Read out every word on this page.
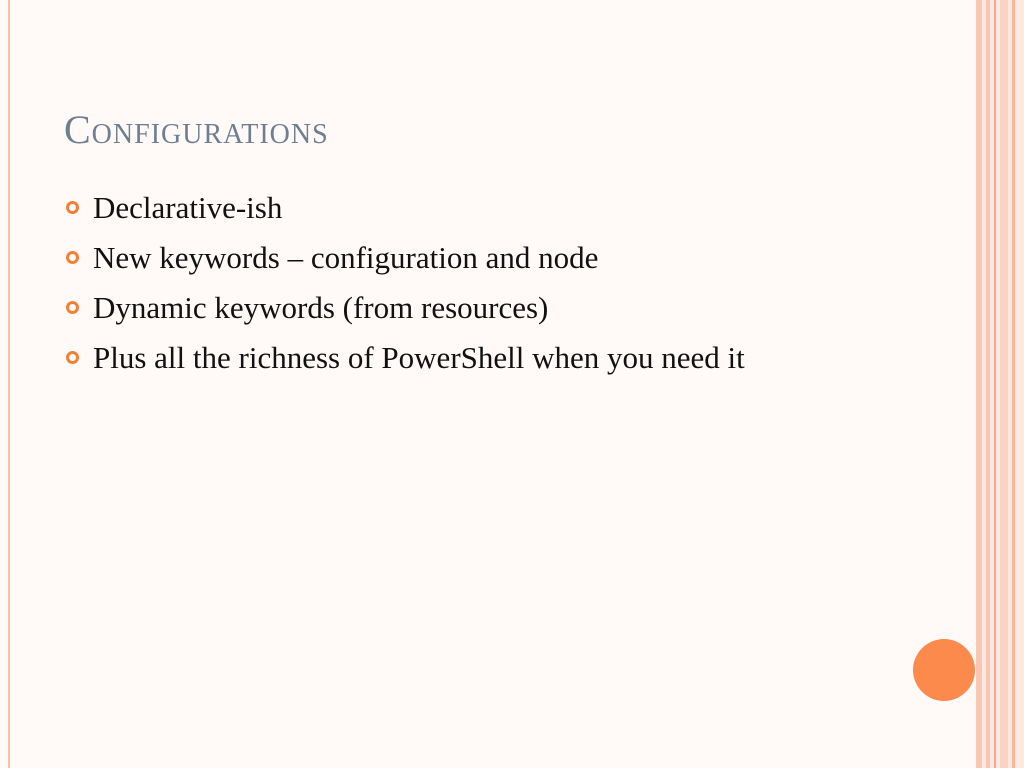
Configurations
Declarative-ish
New keywords – configuration and node
Dynamic keywords (from resources)
Plus all the richness of PowerShell when you need it
